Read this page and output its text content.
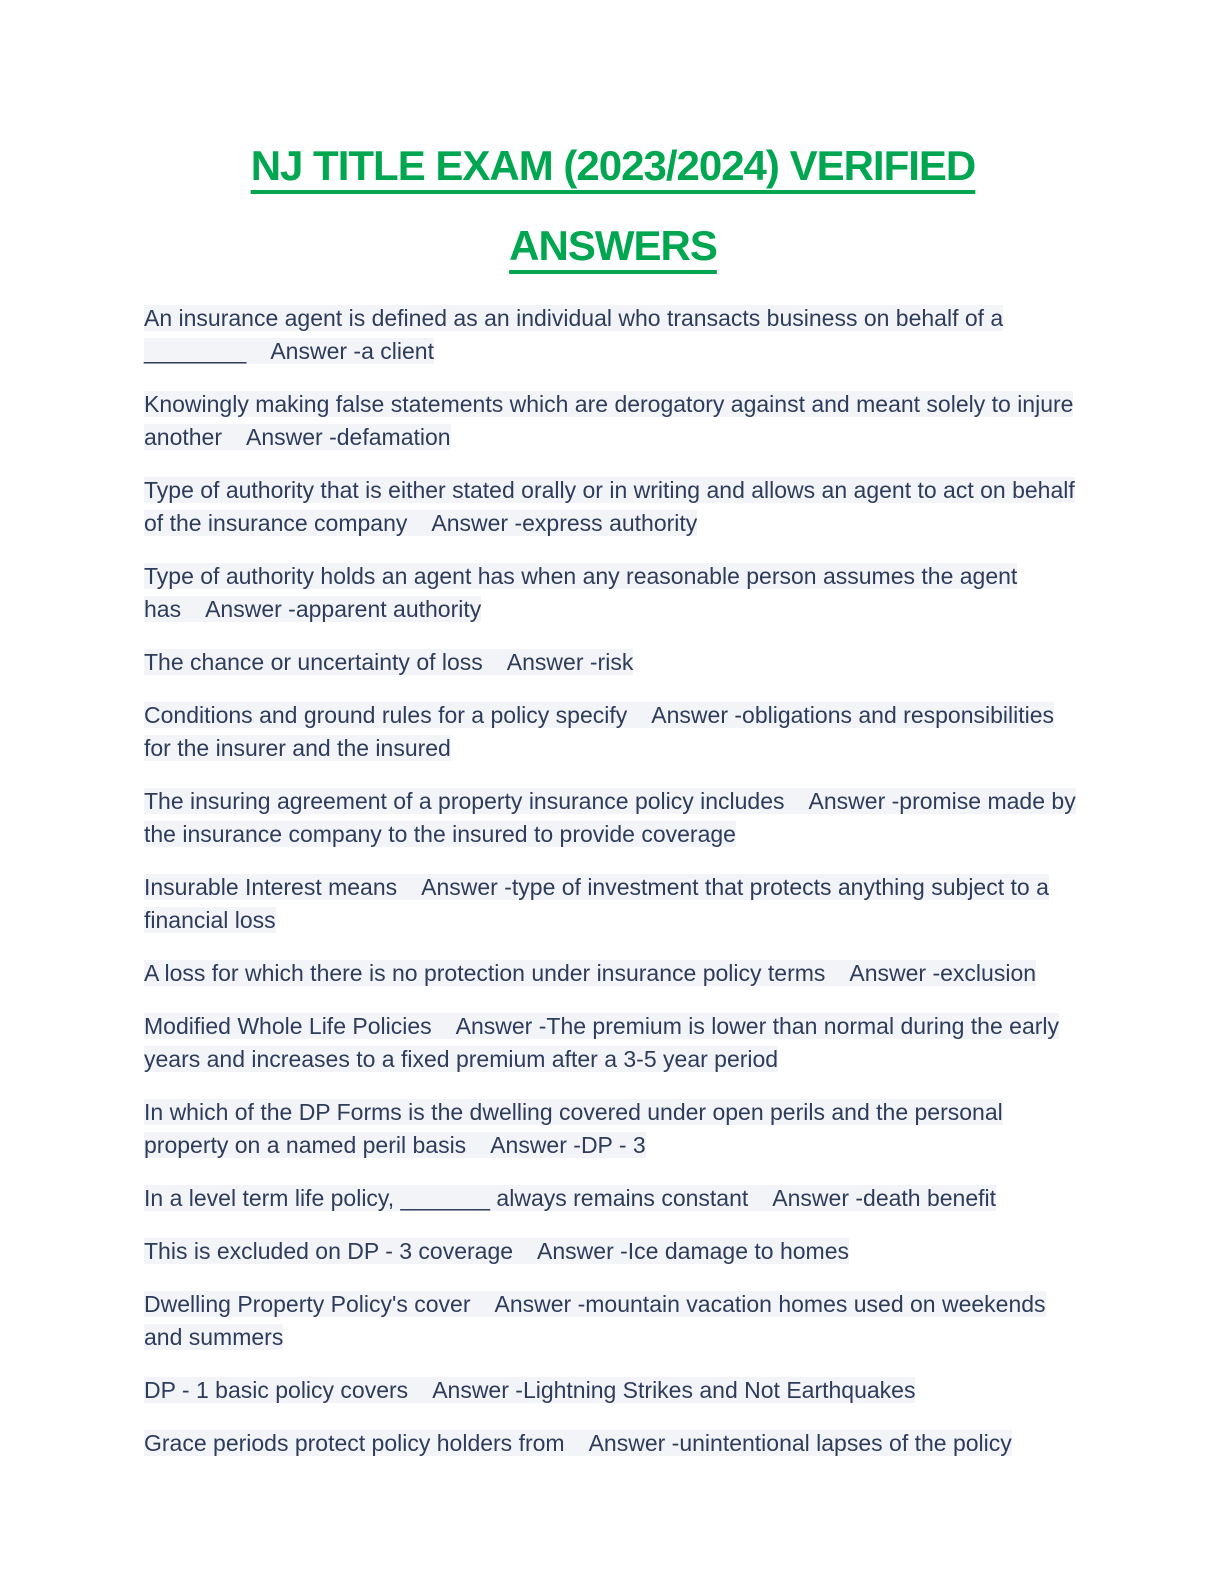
NJ TITLE EXAM (2023/2024) VERIFIED
ANSWERS

An insurance agent is defined as an individual who transacts business on behalf of a ________ Answer -a client

Knowingly making false statements which are derogatory against and meant solely to injure another Answer -defamation

Type of authority that is either stated orally or in writing and allows an agent to act on behalf of the insurance company Answer -express authority

Type of authority holds an agent has when any reasonable person assumes the agent has Answer -apparent authority

The chance or uncertainty of loss Answer -risk

Conditions and ground rules for a policy specify Answer -obligations and responsibilities for the insurer and the insured

The insuring agreement of a property insurance policy includes Answer -promise made by the insurance company to the insured to provide coverage

Insurable Interest means Answer -type of investment that protects anything subject to a financial loss

A loss for which there is no protection under insurance policy terms Answer -exclusion

Modified Whole Life Policies Answer -The premium is lower than normal during the early years and increases to a fixed premium after a 3-5 year period

In which of the DP Forms is the dwelling covered under open perils and the personal property on a named peril basis Answer -DP - 3

In a level term life policy, _______ always remains constant Answer -death benefit

This is excluded on DP - 3 coverage Answer -Ice damage to homes

Dwelling Property Policy's cover Answer -mountain vacation homes used on weekends and summers

DP - 1 basic policy covers Answer -Lightning Strikes and Not Earthquakes

Grace periods protect policy holders from Answer -unintentional lapses of the policy
